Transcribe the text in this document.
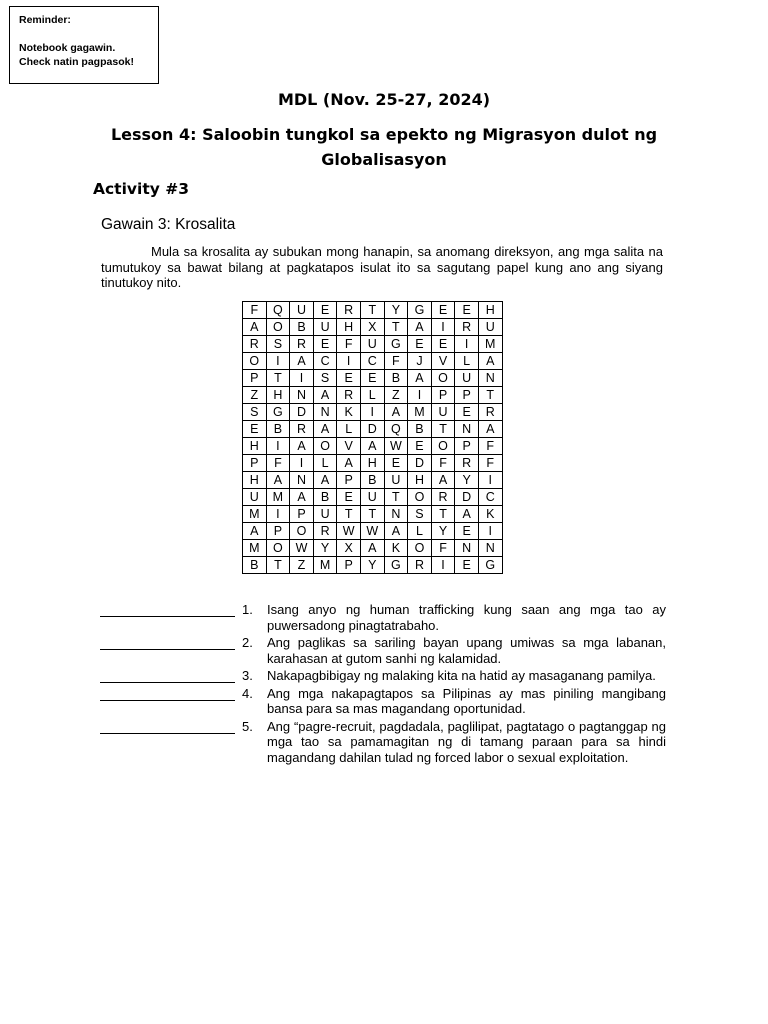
Reminder:
Notebook gagawin.
Check natin pagpasok!
MDL (Nov. 25-27, 2024)
Lesson 4: Saloobin tungkol sa epekto ng Migrasyon dulot ng
Globalisasyon
Activity #3
Gawain 3: Krosalita
Mula sa krosalita ay subukan mong hanapin, sa anomang direksyon, ang mga salita na tumutukoy sa bawat bilang at pagkatapos isulat ito sa sagutang papel kung ano ang siyang tinutukoy nito.
F	Q	U	E	R	T	Y	G	E	E	H
A	O	B	U	H	X	T	A	I	R	U
R	S	R	E	F	U	G	E	E	I	M
O	I	A	C	I	C	F	J	V	L	A
P	T	I	S	E	E	B	A	O	U	N
Z	H	N	A	R	L	Z	I	P	P	T
S	G	D	N	K	I	A	M	U	E	R
E	B	R	A	L	D	Q	B	T	N	A
H	I	A	O	V	A	W	E	O	P	F
P	F	I	L	A	H	E	D	F	R	F
H	A	N	A	P	B	U	H	A	Y	I
U	M	A	B	E	U	T	O	R	D	C
M	I	P	U	T	T	N	S	T	A	K
A	P	O	R	W	W	A	L	Y	E	I
M	O	W	Y	X	A	K	O	F	N	N
B	T	Z	M	P	Y	G	R	I	E	G
1. Isang anyo ng human trafficking kung saan ang mga tao ay puwersadong pinagtatrabaho.
2. Ang paglikas sa sariling bayan upang umiwas sa mga labanan, karahasan at gutom sanhi ng kalamidad.
3. Nakapagbibigay ng malaking kita na hatid ay masaganang pamilya.
4. Ang mga nakapagtapos sa Pilipinas ay mas piniling mangibang bansa para sa mas magandang oportunidad.
5. Ang “pagre-recruit, pagdadala, paglilipat, pagtatago o pagtanggap ng mga tao sa pamamagitan ng di tamang paraan para sa hindi magandang dahilan tulad ng forced labor o sexual exploitation.
